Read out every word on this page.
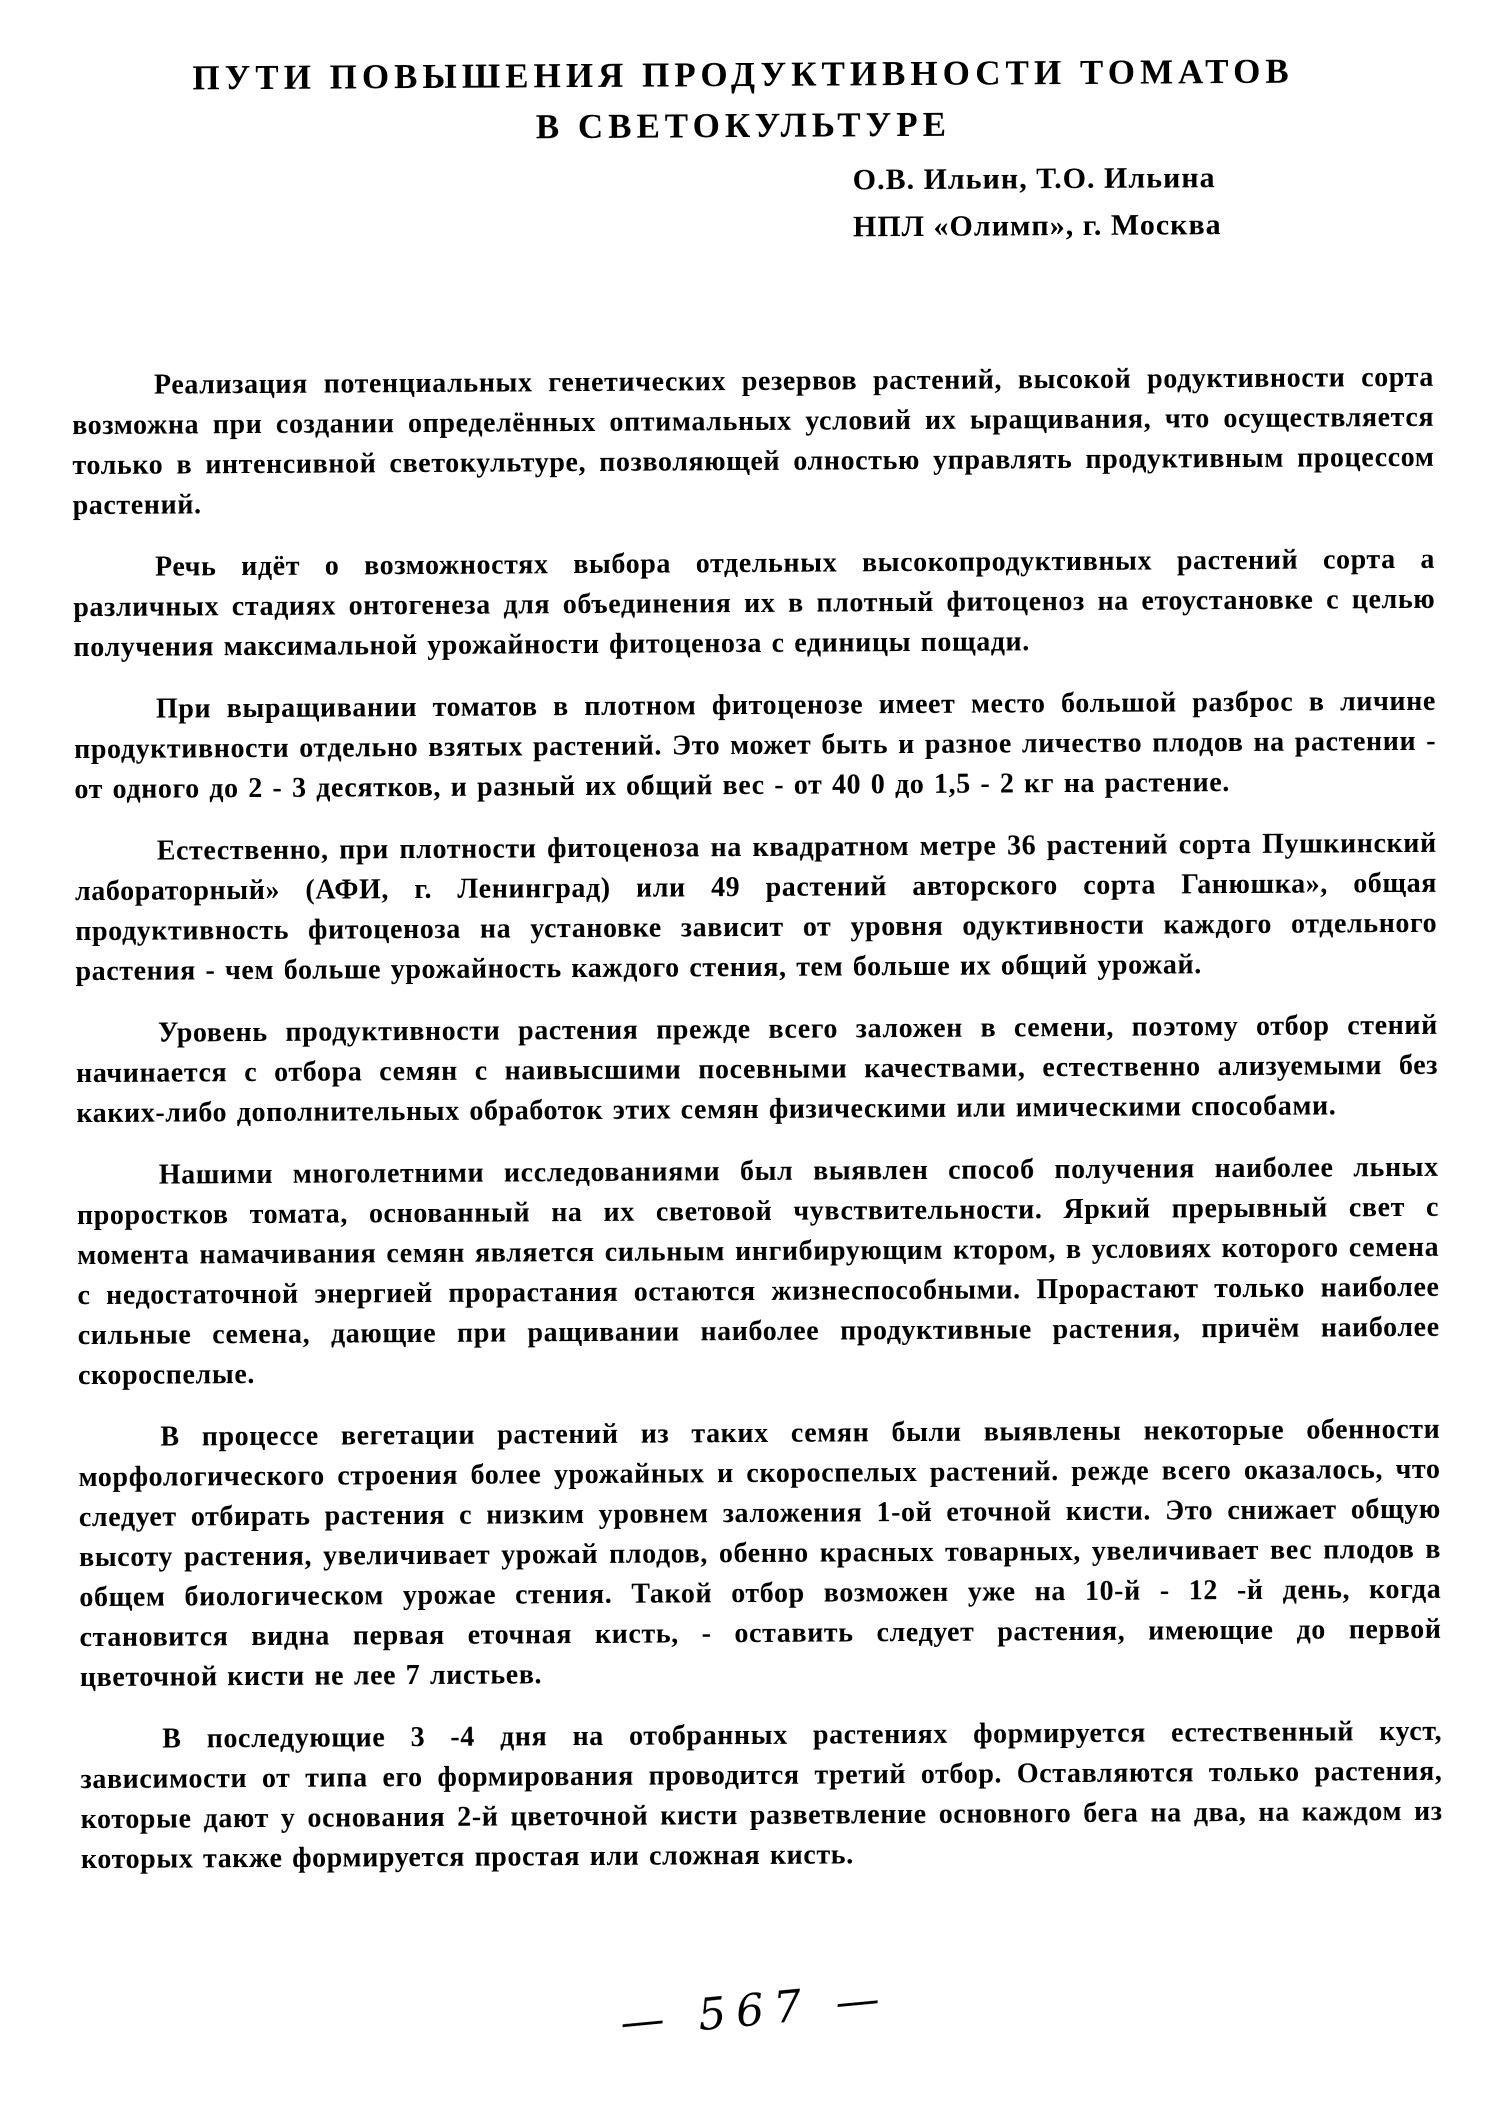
ПУТИ ПОВЫШЕНИЯ ПРОДУКТИВНОСТИ ТОМАТОВ
В СВЕТОКУЛЬТУРЕ
О.В. Ильин, Т.О. Ильина
НПЛ «Олимп», г. Москва

Реализация потенциальных генетических резервов растений, высокой родуктивности сорта возможна при создании определённых оптимальных условий их ыращивания, что осуществляется только в интенсивной светокультуре, позволяющей олностью управлять продуктивным процессом растений.

Речь идёт о возможностях выбора отдельных высокопродуктивных растений сорта а различных стадиях онтогенеза для объединения их в плотный фитоценоз на етоустановке с целью получения максимальной урожайности фитоценоза с единицы пощади.

При выращивании томатов в плотном фитоценозе имеет место большой разброс в личине продуктивности отдельно взятых растений. Это может быть и разное личество плодов на растении - от одного до 2 - 3 десятков, и разный их общий вес - от 40 0 до 1,5 - 2 кг на растение.

Естественно, при плотности фитоценоза на квадратном метре 36 растений сорта Пушкинский лабораторный» (АФИ, г. Ленинград) или 49 растений авторского сорта Ганюшка», общая продуктивность фитоценоза на установке зависит от уровня одуктивности каждого отдельного растения - чем больше урожайность каждого стения, тем больше их общий урожай.

Уровень продуктивности растения прежде всего заложен в семени, поэтому отбор стений начинается с отбора семян с наивысшими посевными качествами, естественно ализуемыми без каких-либо дополнительных обработок этих семян физическими или имическими способами.

Нашими многолетними исследованиями был выявлен способ получения наиболее льных проростков томата, основанный на их световой чувствительности. Яркий прерывный свет с момента намачивания семян является сильным ингибирующим ктором, в условиях которого семена с недостаточной энергией прорастания остаются жизнеспособными. Прорастают только наиболее сильные семена, дающие при ращивании наиболее продуктивные растения, причём наиболее скороспелые.

В процессе вегетации растений из таких семян были выявлены некоторые обенности морфологического строения более урожайных и скороспелых растений. режде всего оказалось, что следует отбирать растения с низким уровнем заложения 1-ой еточной кисти. Это снижает общую высоту растения, увеличивает урожай плодов, обенно красных товарных, увеличивает вес плодов в общем биологическом урожае стения. Такой отбор возможен уже на 10-й - 12 -й день, когда становится видна первая еточная кисть, - оставить следует растения, имеющие до первой цветочной кисти не лее 7 листьев.

В последующие 3 -4 дня на отобранных растениях формируется естественный куст, зависимости от типа его формирования проводится третий отбор. Оставляются только растения, которые дают у основания 2-й цветочной кисти разветвление основного бега на два, на каждом из которых также формируется простая или сложная кисть.

— 567 —
